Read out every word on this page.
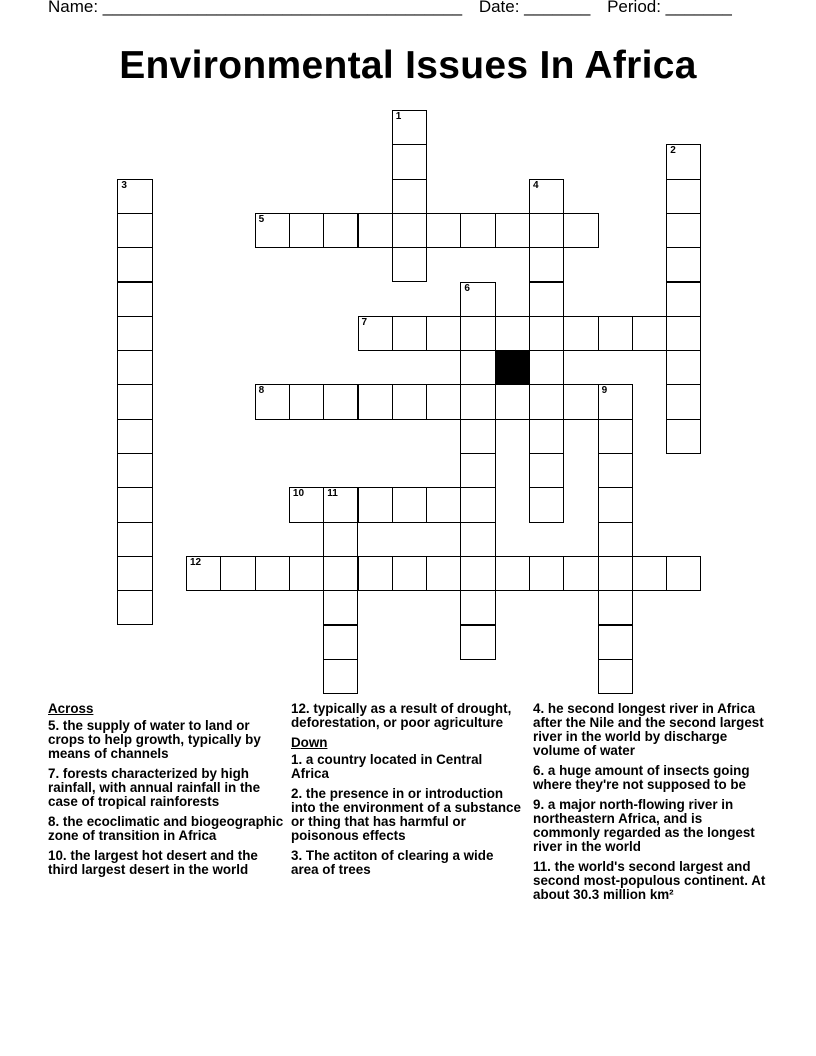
Name: ______________________________________ Date: _______ Period: _______
Environmental Issues In Africa
1
2
3	4
5
6
7
8	9
10 11
12
Across
5. the supply of water to land or crops to help growth, typically by means of channels
7. forests characterized by high rainfall, with annual rainfall in the case of tropical rainforests
8. the ecoclimatic and biogeographic zone of transition in Africa
10. the largest hot desert and the third largest desert in the world
12. typically as a result of drought, deforestation, or poor agriculture
Down
1. a country located in Central Africa
2. the presence in or introduction into the environment of a substance or thing that has harmful or poisonous effects
3. The actiton of clearing a wide area of trees
4. he second longest river in Africa after the Nile and the second largest river in the world by discharge volume of water
6. a huge amount of insects going where they're not supposed to be
9. a major north-flowing river in northeastern Africa, and is commonly regarded as the longest river in the world
11. the world's second largest and second most-populous continent. At about 30.3 million km²
